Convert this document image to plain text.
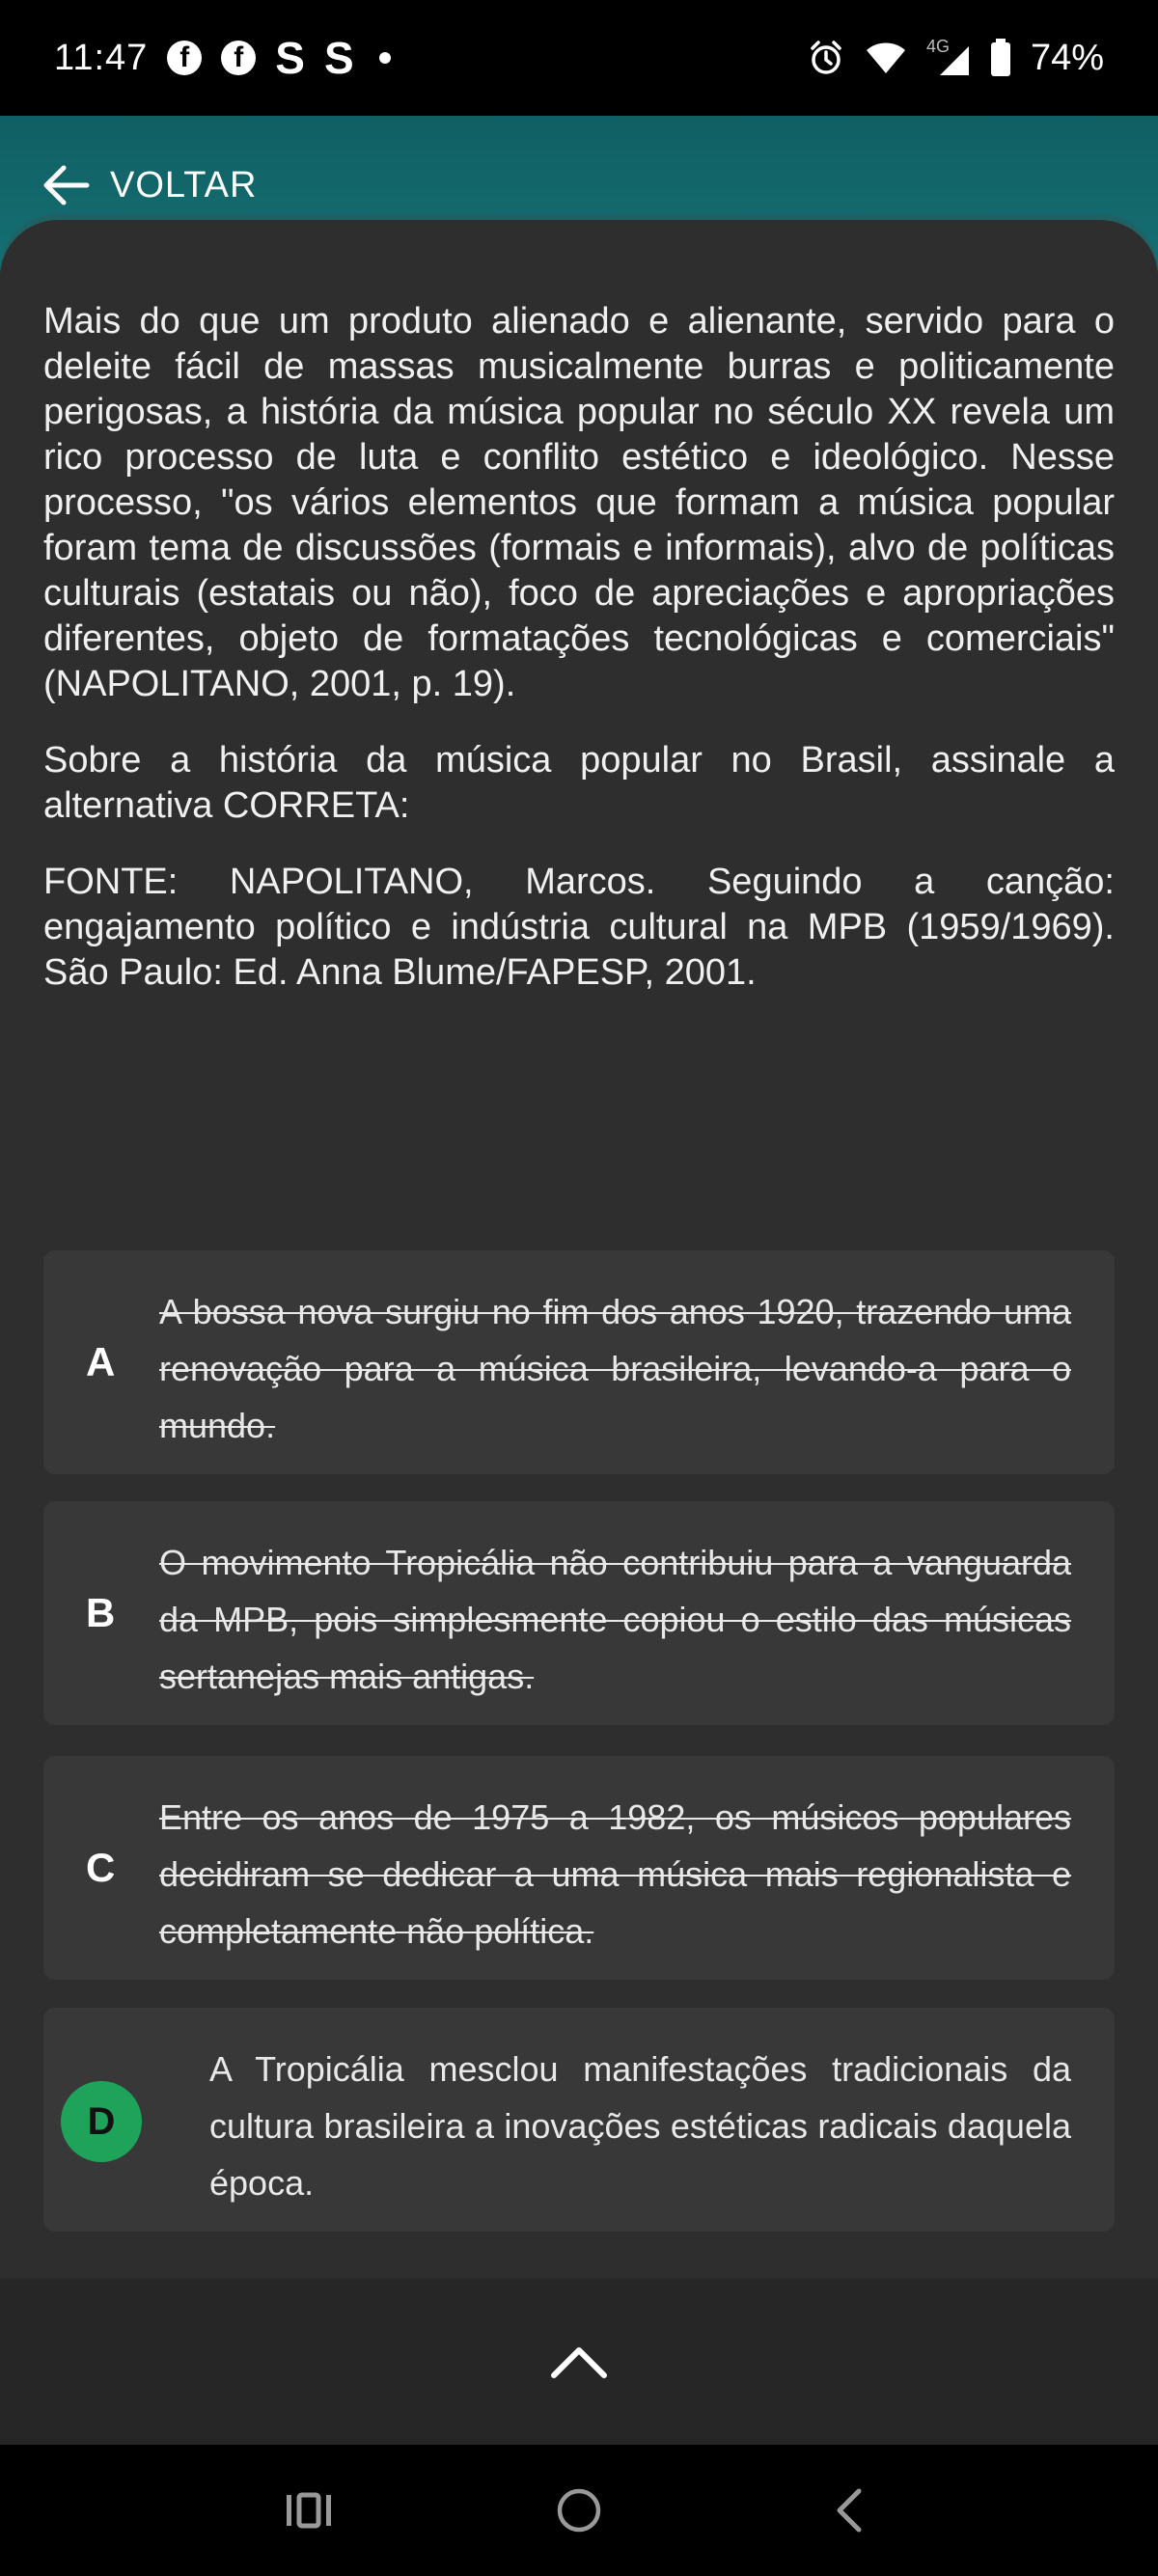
11:47	f	f S S	4G 74%
VOLTAR

Mais do que um produto alienado e alienante, servido para o deleite fácil de massas musicalmente burras e politicamente perigosas, a história da música popular no século XX revela um rico processo de luta e conflito estético e ideológico. Nesse processo, "os vários elementos que formam a música popular foram tema de discussões (formais e informais), alvo de políticas culturais (estatais ou não), foco de apreciações e apropriações diferentes, objeto de formatações tecnológicas e comerciais" (NAPOLITANO, 2001, p. 19).

Sobre a história da música popular no Brasil, assinale a alternativa CORRETA:

FONTE: NAPOLITANO, Marcos. Seguindo a canção: engajamento político e indústria cultural na MPB (1959/1969). São Paulo: Ed. Anna Blume/FAPESP, 2001.

A
A bossa nova surgiu no fim dos anos 1920, trazendo uma renovação para a música brasileira, levando-a para o mundo.
B
O movimento Tropicália não contribuiu para a vanguarda da MPB, pois simplesmente copiou o estilo das músicas sertanejas mais antigas.
C
Entre os anos de 1975 a 1982, os músicos populares decidiram se dedicar a uma música mais regionalista e completamente não política.
D
A Tropicália mesclou manifestações tradicionais da cultura brasileira a inovações estéticas radicais daquela época.
